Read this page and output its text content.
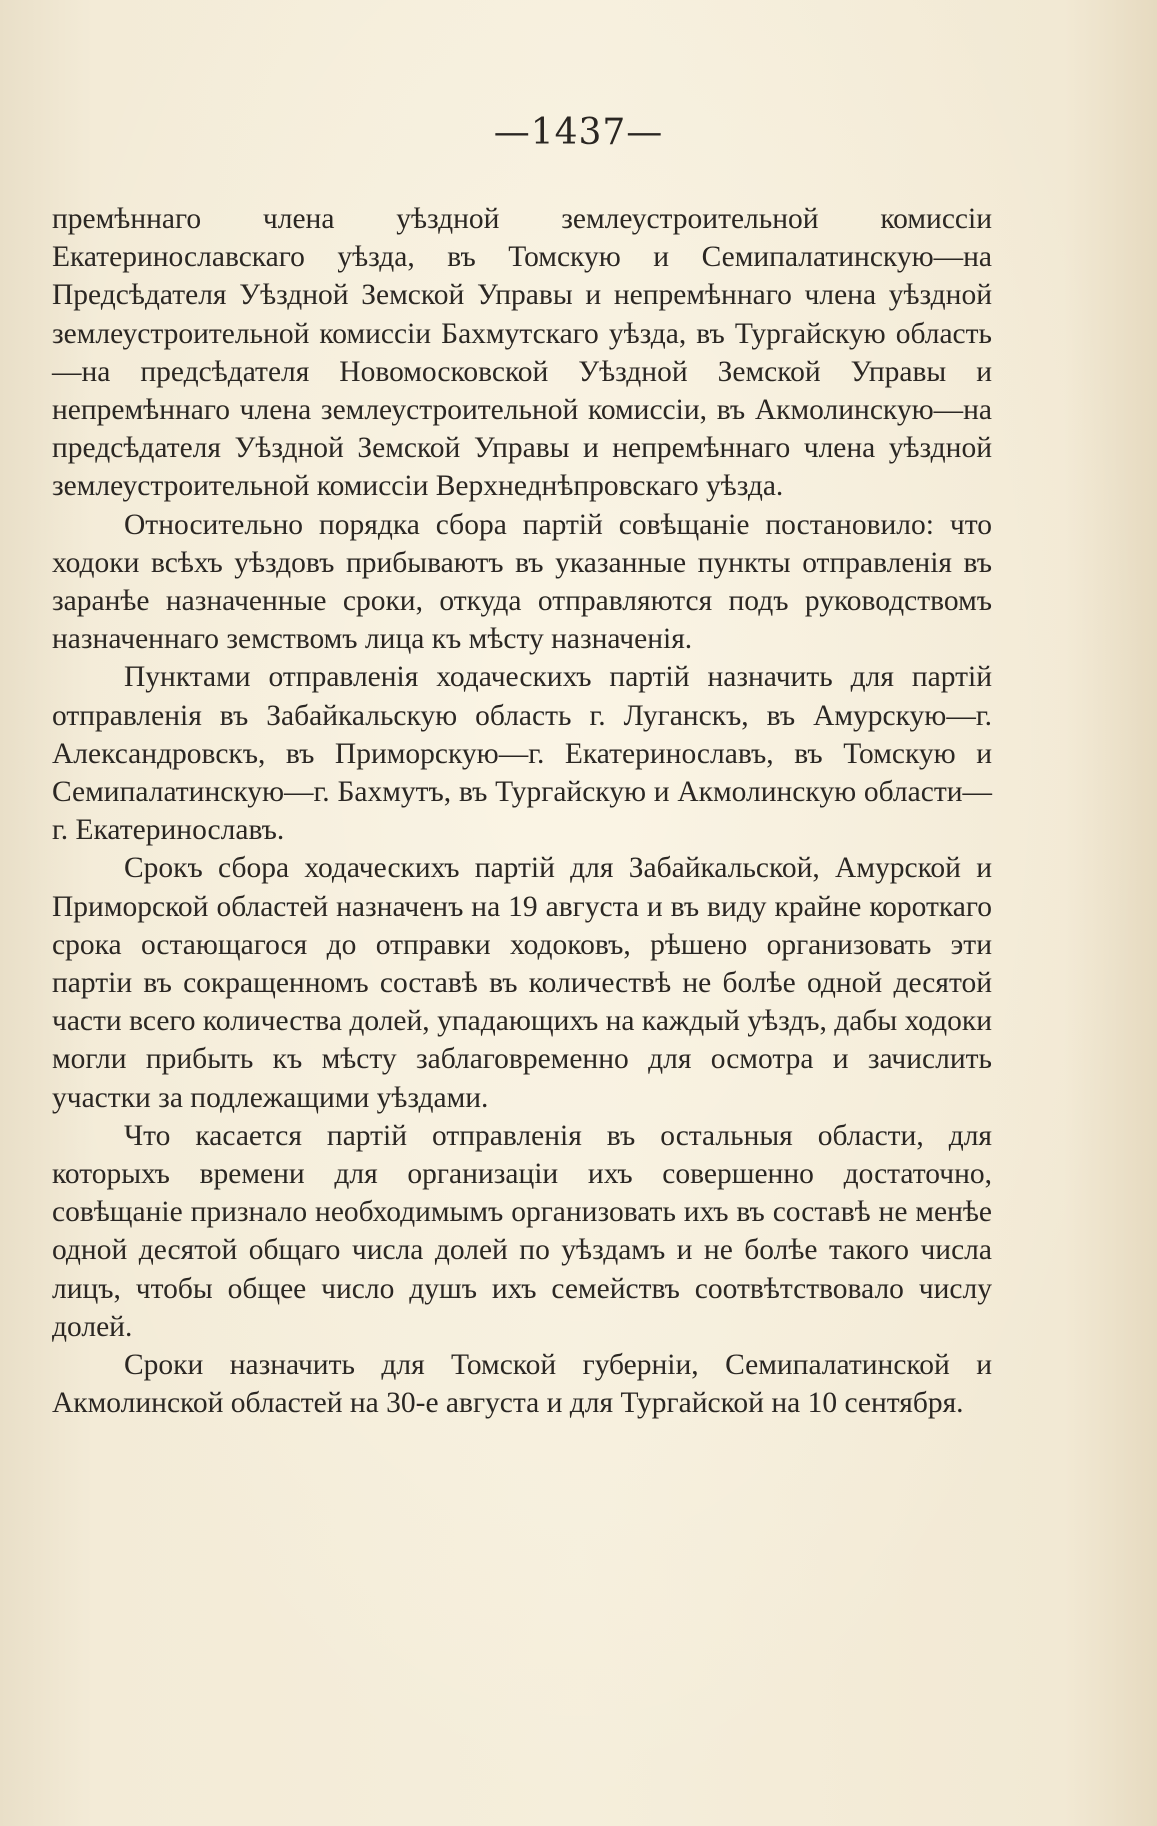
—1437—

премѣннаго члена уѣздной землеустроительной комиссіи Екатеринославскаго уѣзда, въ Томскую и Семипалатинскую—на Предсѣдателя Уѣздной Земской Управы и непремѣннаго члена уѣздной землеустроительной комиссіи Бахмутскаго уѣзда, въ Тургайскую область—на предсѣдателя Новомосковской Уѣздной Земской Управы и непремѣннаго члена землеустроительной комиссіи, въ Акмолинскую—на предсѣдателя Уѣздной Земской Управы и непремѣннаго члена уѣздной землеустроительной комиссіи Верхнеднѣпровскаго уѣзда.

Относительно порядка сбора партій совѣщаніе постановило: что ходоки всѣхъ уѣздовъ прибываютъ въ указанные пункты отправленія въ заранѣе назначенные сроки, откуда отправляются подъ руководствомъ назначеннаго земствомъ лица къ мѣсту назначенія.

Пунктами отправленія ходаческихъ партій назначить для партій отправленія въ Забайкальскую область г. Луганскъ, въ Амурскую—г. Александровскъ, въ Приморскую—г. Екатеринославъ, въ Томскую и Семипалатинскую—г. Бахмутъ, въ Тургайскую и Акмолинскую области—г. Екатеринославъ.

Срокъ сбора ходаческихъ партій для Забайкальской, Амурской и Приморской областей назначенъ на 19 августа и въ виду крайне короткаго срока остающагося до отправки ходоковъ, рѣшено организовать эти партіи въ сокращенномъ составѣ въ количествѣ не болѣе одной десятой части всего количества долей, упадающихъ на каждый уѣздъ, дабы ходоки могли прибыть къ мѣсту заблаговременно для осмотра и зачислить участки за подлежащими уѣздами.

Что касается партій отправленія въ остальныя области, для которыхъ времени для организаціи ихъ совершенно достаточно, совѣщаніе признало необходимымъ организовать ихъ въ составѣ не менѣе одной десятой общаго числа долей по уѣздамъ и не болѣе такого числа лицъ, чтобы общее число душъ ихъ семействъ соотвѣтствовало числу долей.

Сроки назначить для Томской губерніи, Семипалатинской и Акмолинской областей на 30-е августа и для Тургайской на 10 сентября.
